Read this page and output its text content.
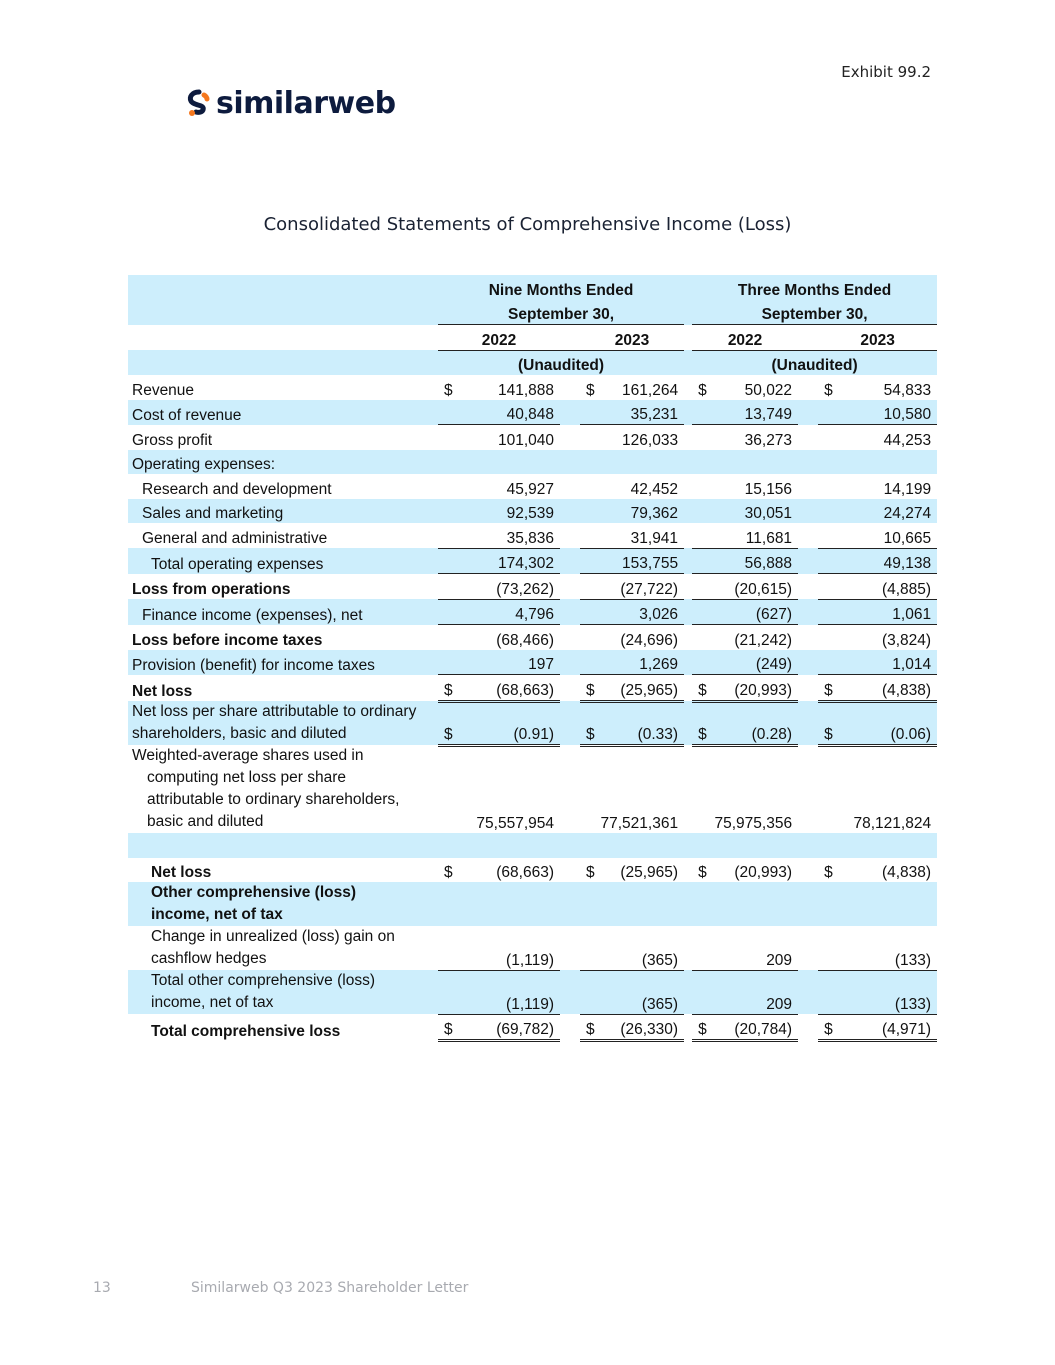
Exhibit 99.2
similarweb
Consolidated Statements of Comprehensive Income (Loss)
		Nine Months Ended						Three Months Ended				
		September 30,						September 30,				
		2022			2023			2022			2023	
		(Unaudited)						(Unaudited)				
Revenue		$	141,888		$	161,264		$	50,022		$	54,833
Cost of revenue			40,848			35,231			13,749			10,580
Gross profit			101,040			126,033			36,273			44,253
Operating expenses:												
Research and development			45,927			42,452			15,156			14,199
Sales and marketing			92,539			79,362			30,051			24,274
General and administrative			35,836			31,941			11,681			10,665
Total operating expenses			174,302			153,755			56,888			49,138
Loss from operations			(73,262)			(27,722)			(20,615)			(4,885)
Finance income (expenses), net			4,796			3,026			(627)			1,061
Loss before income taxes			(68,466)			(24,696)			(21,242)			(3,824)
Provision (benefit) for income taxes			197			1,269			(249)			1,014
Net loss		$	(68,663)		$	(25,965)		$	(20,993)		$	(4,838)
Net loss per share attributable to ordinary
shareholders, basic and diluted		$	(0.91)		$	(0.33)		$	(0.28)		$	(0.06)
Weighted-average shares used in
computing net loss per share
attributable to ordinary shareholders,
basic and diluted		75,557,954			77,521,361			75,975,356			78,121,824	

Net loss		$	(68,663)		$	(25,965)		$	(20,993)		$	(4,838)
Other comprehensive (loss)
income, net of tax												
Change in unrealized (loss) gain on
cashflow hedges			(1,119)			(365)			209			(133)
Total other comprehensive (loss)
income, net of tax			(1,119)			(365)			209			(133)
Total comprehensive loss		$	(69,782)		$	(26,330)		$	(20,784)		$	(4,971)
13	Similarweb Q3 2023 Shareholder Letter
